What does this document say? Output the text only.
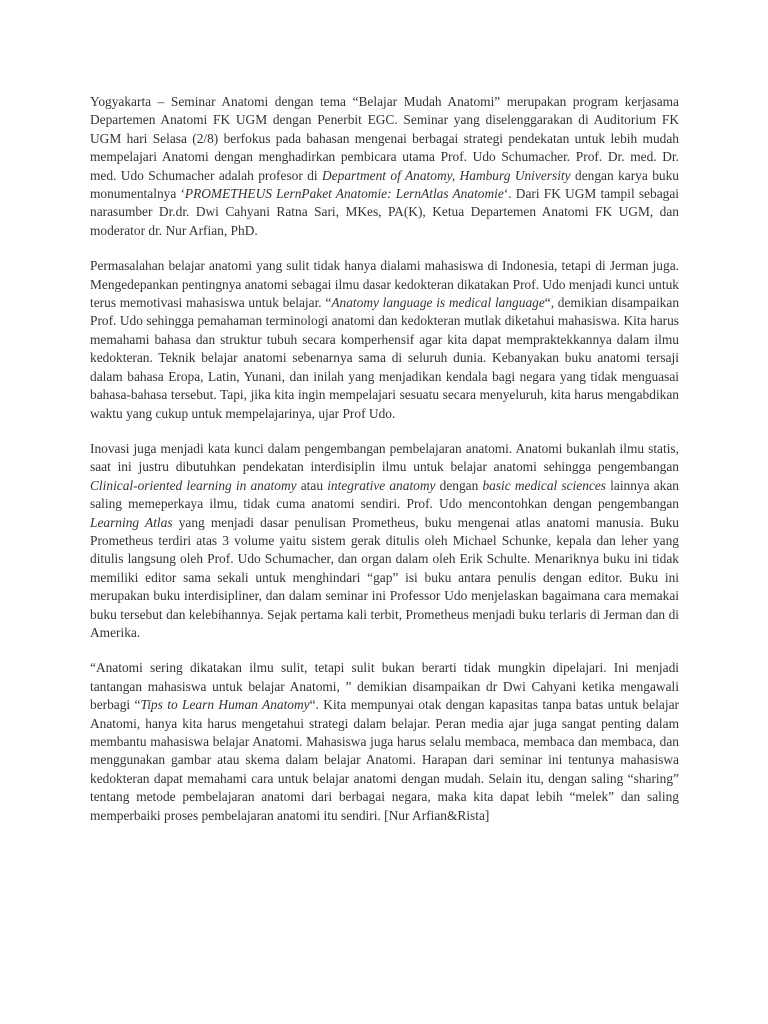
Yogyakarta – Seminar Anatomi dengan tema “Belajar Mudah Anatomi” merupakan program kerjasama Departemen Anatomi FK UGM dengan Penerbit EGC. Seminar yang diselenggarakan di Auditorium FK UGM hari Selasa (2/8) berfokus pada bahasan mengenai berbagai strategi pendekatan untuk lebih mudah mempelajari Anatomi dengan menghadirkan pembicara utama Prof. Udo Schumacher. Prof. Dr. med. Dr. med. Udo Schumacher adalah profesor di Department of Anatomy, Hamburg University dengan karya buku monumentalnya ‘PROMETHEUS LernPaket Anatomie: LernAtlas Anatomie‘. Dari FK UGM tampil sebagai narasumber Dr.dr. Dwi Cahyani Ratna Sari, MKes, PA(K), Ketua Departemen Anatomi FK UGM, dan moderator dr. Nur Arfian, PhD.

Permasalahan belajar anatomi yang sulit tidak hanya dialami mahasiswa di Indonesia, tetapi di Jerman juga. Mengedepankan pentingnya anatomi sebagai ilmu dasar kedokteran dikatakan Prof. Udo menjadi kunci untuk terus memotivasi mahasiswa untuk belajar. “Anatomy language is medical language“, demikian disampaikan Prof. Udo sehingga pemahaman terminologi anatomi dan kedokteran mutlak diketahui mahasiswa. Kita harus memahami bahasa dan struktur tubuh secara komperhensif agar kita dapat mempraktekkannya dalam ilmu kedokteran. Teknik belajar anatomi sebenarnya sama di seluruh dunia. Kebanyakan buku anatomi tersaji dalam bahasa Eropa, Latin, Yunani, dan inilah yang menjadikan kendala bagi negara yang tidak menguasai bahasa-bahasa tersebut. Tapi, jika kita ingin mempelajari sesuatu secara menyeluruh, kita harus mengabdikan waktu yang cukup untuk mempelajarinya, ujar Prof Udo.

Inovasi juga menjadi kata kunci dalam pengembangan pembelajaran anatomi. Anatomi bukanlah ilmu statis, saat ini justru dibutuhkan pendekatan interdisiplin ilmu untuk belajar anatomi sehingga pengembangan Clinical-oriented learning in anatomy atau integrative anatomy dengan basic medical sciences lainnya akan saling memeperkaya ilmu, tidak cuma anatomi sendiri. Prof. Udo mencontohkan dengan pengembangan Learning Atlas yang menjadi dasar penulisan Prometheus, buku mengenai atlas anatomi manusia. Buku Prometheus terdiri atas 3 volume yaitu sistem gerak ditulis oleh Michael Schunke, kepala dan leher yang ditulis langsung oleh Prof. Udo Schumacher, dan organ dalam oleh Erik Schulte. Menariknya buku ini tidak memiliki editor sama sekali untuk menghindari “gap” isi buku antara penulis dengan editor. Buku ini merupakan buku interdisipliner, dan dalam seminar ini Professor Udo menjelaskan bagaimana cara memakai buku tersebut dan kelebihannya. Sejak pertama kali terbit, Prometheus menjadi buku terlaris di Jerman dan di Amerika.

“Anatomi sering dikatakan ilmu sulit, tetapi sulit bukan berarti tidak mungkin dipelajari. Ini menjadi tantangan mahasiswa untuk belajar Anatomi, ” demikian disampaikan dr Dwi Cahyani ketika mengawali berbagi “Tips to Learn Human Anatomy“. Kita mempunyai otak dengan kapasitas tanpa batas untuk belajar Anatomi, hanya kita harus mengetahui strategi dalam belajar. Peran media ajar juga sangat penting dalam membantu mahasiswa belajar Anatomi. Mahasiswa juga harus selalu membaca, membaca dan membaca, dan menggunakan gambar atau skema dalam belajar Anatomi. Harapan dari seminar ini tentunya mahasiswa kedokteran dapat memahami cara untuk belajar anatomi dengan mudah. Selain itu, dengan saling “sharing” tentang metode pembelajaran anatomi dari berbagai negara, maka kita dapat lebih “melek” dan saling memperbaiki proses pembelajaran anatomi itu sendiri. [Nur Arfian&Rista]
